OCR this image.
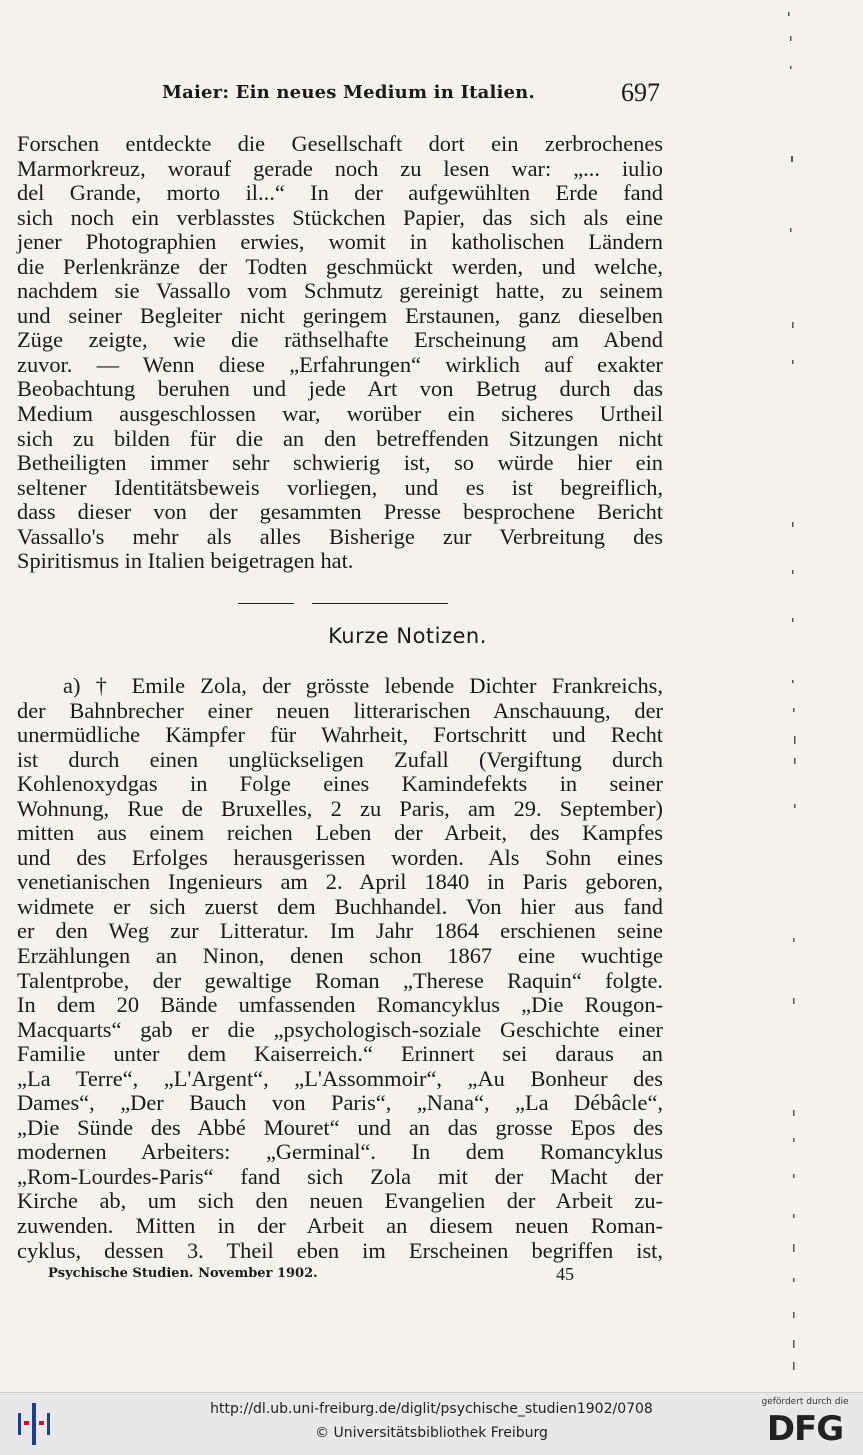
Maier: Ein neues Medium in Italien.	697
Forschen entdeckte die Gesellschaft dort ein zerbrochenes
Marmorkreuz, worauf gerade noch zu lesen war: „... iulio
del Grande, morto il...“ In der aufgewühlten Erde fand
sich noch ein verblasstes Stückchen Papier, das sich als eine
jener Photographien erwies, womit in katholischen Ländern
die Perlenkränze der Todten geschmückt werden, und welche,
nachdem sie Vassallo vom Schmutz gereinigt hatte, zu seinem
und seiner Begleiter nicht geringem Erstaunen, ganz dieselben
Züge zeigte, wie die räthselhafte Erscheinung am Abend
zuvor. — Wenn diese „Erfahrungen“ wirklich auf exakter
Beobachtung beruhen und jede Art von Betrug durch das
Medium ausgeschlossen war, worüber ein sicheres Urtheil
sich zu bilden für die an den betreffenden Sitzungen nicht
Betheiligten immer sehr schwierig ist, so würde hier ein
seltener Identitätsbeweis vorliegen, und es ist begreiflich,
dass dieser von der gesammten Presse besprochene Bericht
Vassallo's mehr als alles Bisherige zur Verbreitung des
Spiritismus in Italien beigetragen hat.
Kurze Notizen.
a) † Emile Zola, der grösste lebende Dichter Frankreichs,
der Bahnbrecher einer neuen litterarischen Anschauung, der
unermüdliche Kämpfer für Wahrheit, Fortschritt und Recht
ist durch einen unglückseligen Zufall (Vergiftung durch
Kohlenoxydgas in Folge eines Kamindefekts in seiner
Wohnung, Rue de Bruxelles, 2 zu Paris, am 29. September)
mitten aus einem reichen Leben der Arbeit, des Kampfes
und des Erfolges herausgerissen worden. Als Sohn eines
venetianischen Ingenieurs am 2. April 1840 in Paris geboren,
widmete er sich zuerst dem Buchhandel. Von hier aus fand
er den Weg zur Litteratur. Im Jahr 1864 erschienen seine
Erzählungen an Ninon, denen schon 1867 eine wuchtige
Talentprobe, der gewaltige Roman „Therese Raquin“ folgte.
In dem 20 Bände umfassenden Romancyklus „Die Rougon-
Macquarts“ gab er die „psychologisch-soziale Geschichte einer
Familie unter dem Kaiserreich.“ Erinnert sei daraus an
„La Terre“, „L'Argent“, „L'Assommoir“, „Au Bonheur des
Dames“, „Der Bauch von Paris“, „Nana“, „La Débâcle“,
„Die Sünde des Abbé Mouret“ und an das grosse Epos des
modernen Arbeiters: „Germinal“. In dem Romancyklus
„Rom-Lourdes-Paris“ fand sich Zola mit der Macht der
Kirche ab, um sich den neuen Evangelien der Arbeit zu-
zuwenden. Mitten in der Arbeit an diesem neuen Roman-
cyklus, dessen 3. Theil eben im Erscheinen begriffen ist,
Psychische Studien. November 1902.	45
http://dl.ub.uni-freiburg.de/diglit/psychische_studien1902/0708
© Universitätsbibliothek Freiburg
gefördert durch die
DFG
